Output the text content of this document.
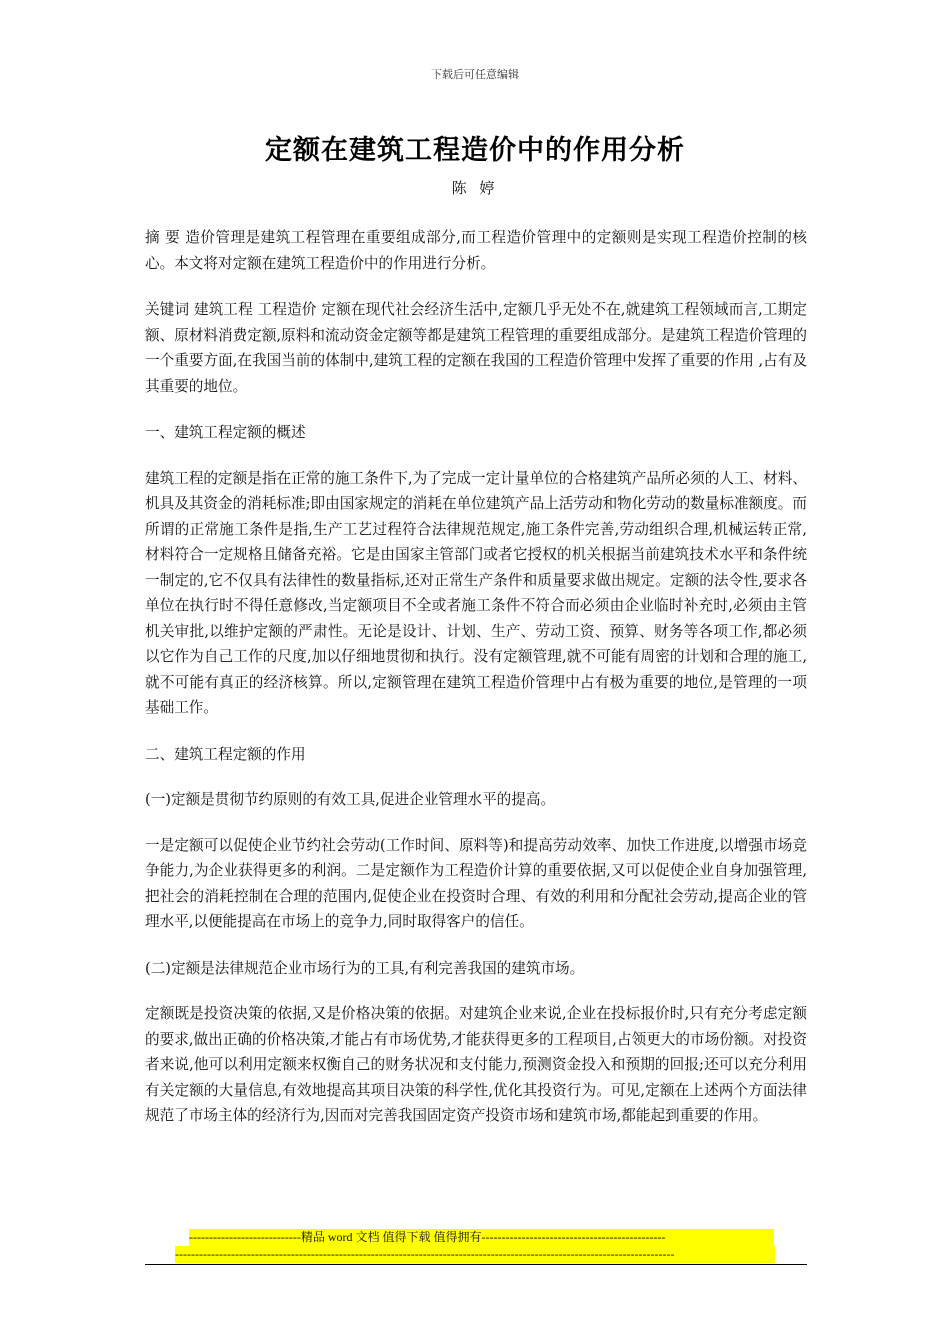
下载后可任意编辑
定额在建筑工程造价中的作用分析
陈 婷

摘 要 造价管理是建筑工程管理在重要组成部分,而工程造价管理中的定额则是实现工程造价控制的核心。本文将对定额在建筑工程造价中的作用进行分析。

关键词 建筑工程 工程造价 定额在现代社会经济生活中,定额几乎无处不在,就建筑工程领域而言,工期定额、原材料消费定额,原料和流动资金定额等都是建筑工程管理的重要组成部分。是建筑工程造价管理的一个重要方面,在我国当前的体制中,建筑工程的定额在我国的工程造价管理中发挥了重要的作用 ,占有及其重要的地位。

一、建筑工程定额的概述

建筑工程的定额是指在正常的施工条件下,为了完成一定计量单位的合格建筑产品所必须的人工、材料、机具及其资金的消耗标准;即由国家规定的消耗在单位建筑产品上活劳动和物化劳动的数量标准额度。而所谓的正常施工条件是指,生产工艺过程符合法律规范规定,施工条件完善,劳动组织合理,机械运转正常,材料符合一定规格且储备充裕。它是由国家主管部门或者它授权的机关根据当前建筑技术水平和条件统一制定的,它不仅具有法律性的数量指标,还对正常生产条件和质量要求做出规定。定额的法令性,要求各单位在执行时不得任意修改,当定额项目不全或者施工条件不符合而必须由企业临时补充时,必须由主管机关审批,以维护定额的严肃性。无论是设计、计划、生产、劳动工资、预算、财务等各项工作,都必须以它作为自己工作的尺度,加以仔细地贯彻和执行。没有定额管理,就不可能有周密的计划和合理的施工,就不可能有真正的经济核算。所以,定额管理在建筑工程造价管理中占有极为重要的地位,是管理的一项基础工作。

二、建筑工程定额的作用

(一)定额是贯彻节约原则的有效工具,促进企业管理水平的提高。

一是定额可以促使企业节约社会劳动(工作时间、原料等)和提高劳动效率、加快工作进度,以增强市场竞争能力,为企业获得更多的利润。二是定额作为工程造价计算的重要依据,又可以促使企业自身加强管理,把社会的消耗控制在合理的范围内,促使企业在投资时合理、有效的利用和分配社会劳动,提高企业的管理水平,以便能提高在市场上的竞争力,同时取得客户的信任。

(二)定额是法律规范企业市场行为的工具,有利完善我国的建筑市场。

定额既是投资决策的依据,又是价格决策的依据。对建筑企业来说,企业在投标报价时,只有充分考虑定额的要求,做出正确的价格决策,才能占有市场优势,才能获得更多的工程项目,占领更大的市场份额。对投资者来说,他可以利用定额来权衡自己的财务状况和支付能力,预测资金投入和预期的回报;还可以充分利用有关定额的大量信息,有效地提高其项目决策的科学性,优化其投资行为。可见,定额在上述两个方面法律规范了市场主体的经济行为,因而对完善我国固定资产投资市场和建筑市场,都能起到重要的作用。

----------------------------精品 word 文档 值得下载 值得拥有----------------------------------------------
-----------------------------------------------------------------------------------------------------------------------------
